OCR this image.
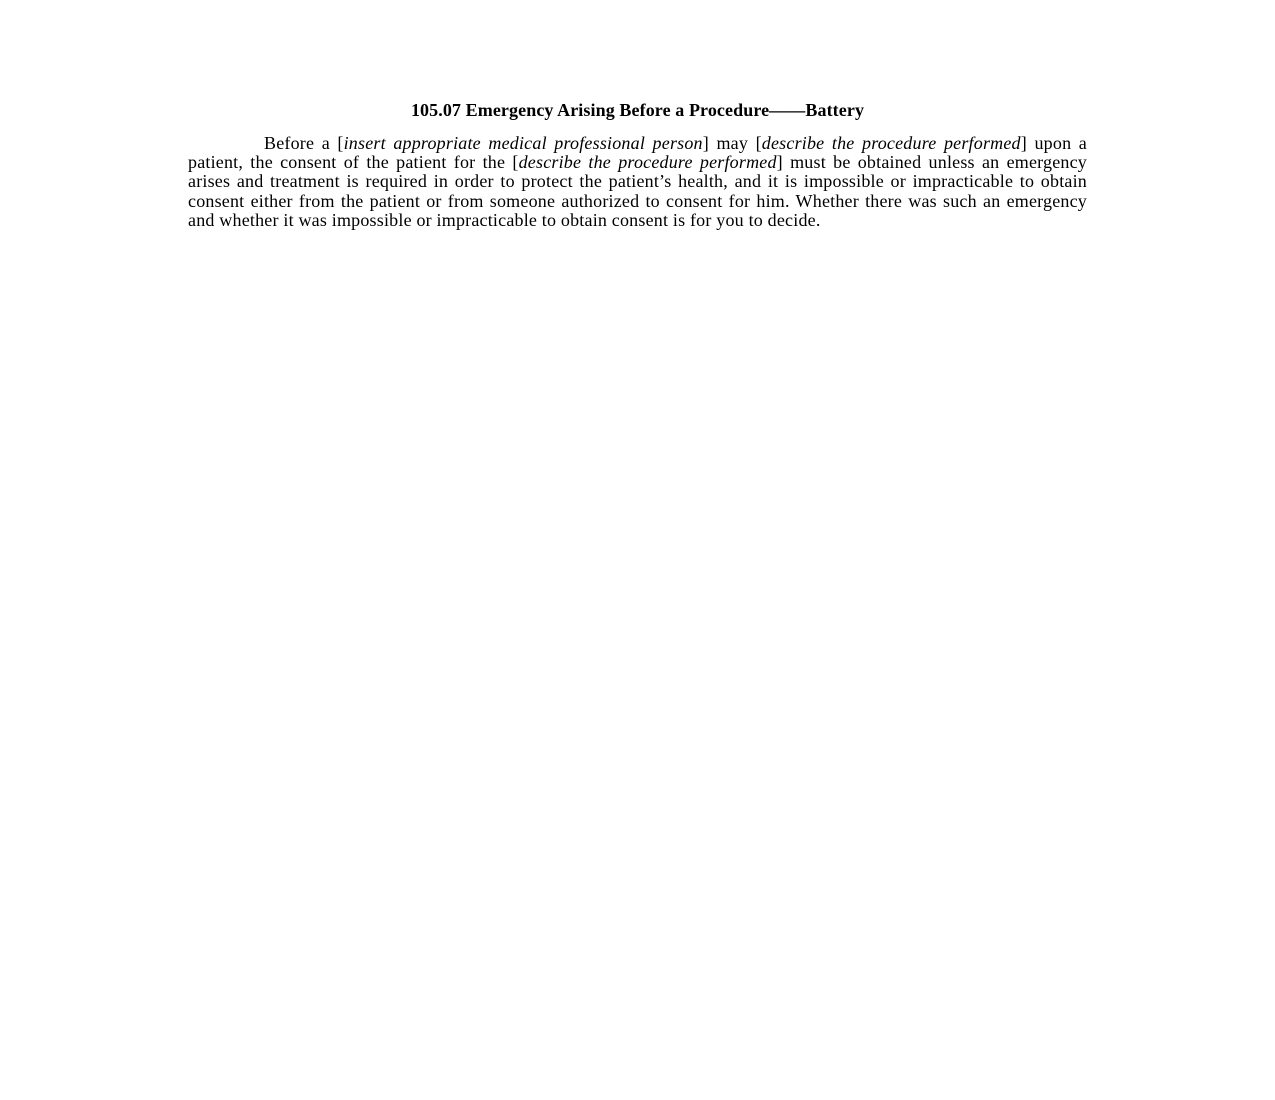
105.07 Emergency Arising Before a Procedure——Battery

Before a [insert appropriate medical professional person] may [describe the procedure performed] upon a patient, the consent of the patient for the [describe the procedure performed] must be obtained unless an emergency arises and treatment is required in order to protect the patient’s health, and it is impossible or impracticable to obtain consent either from the patient or from someone authorized to consent for him. Whether there was such an emergency and whether it was impossible or impracticable to obtain consent is for you to decide.
